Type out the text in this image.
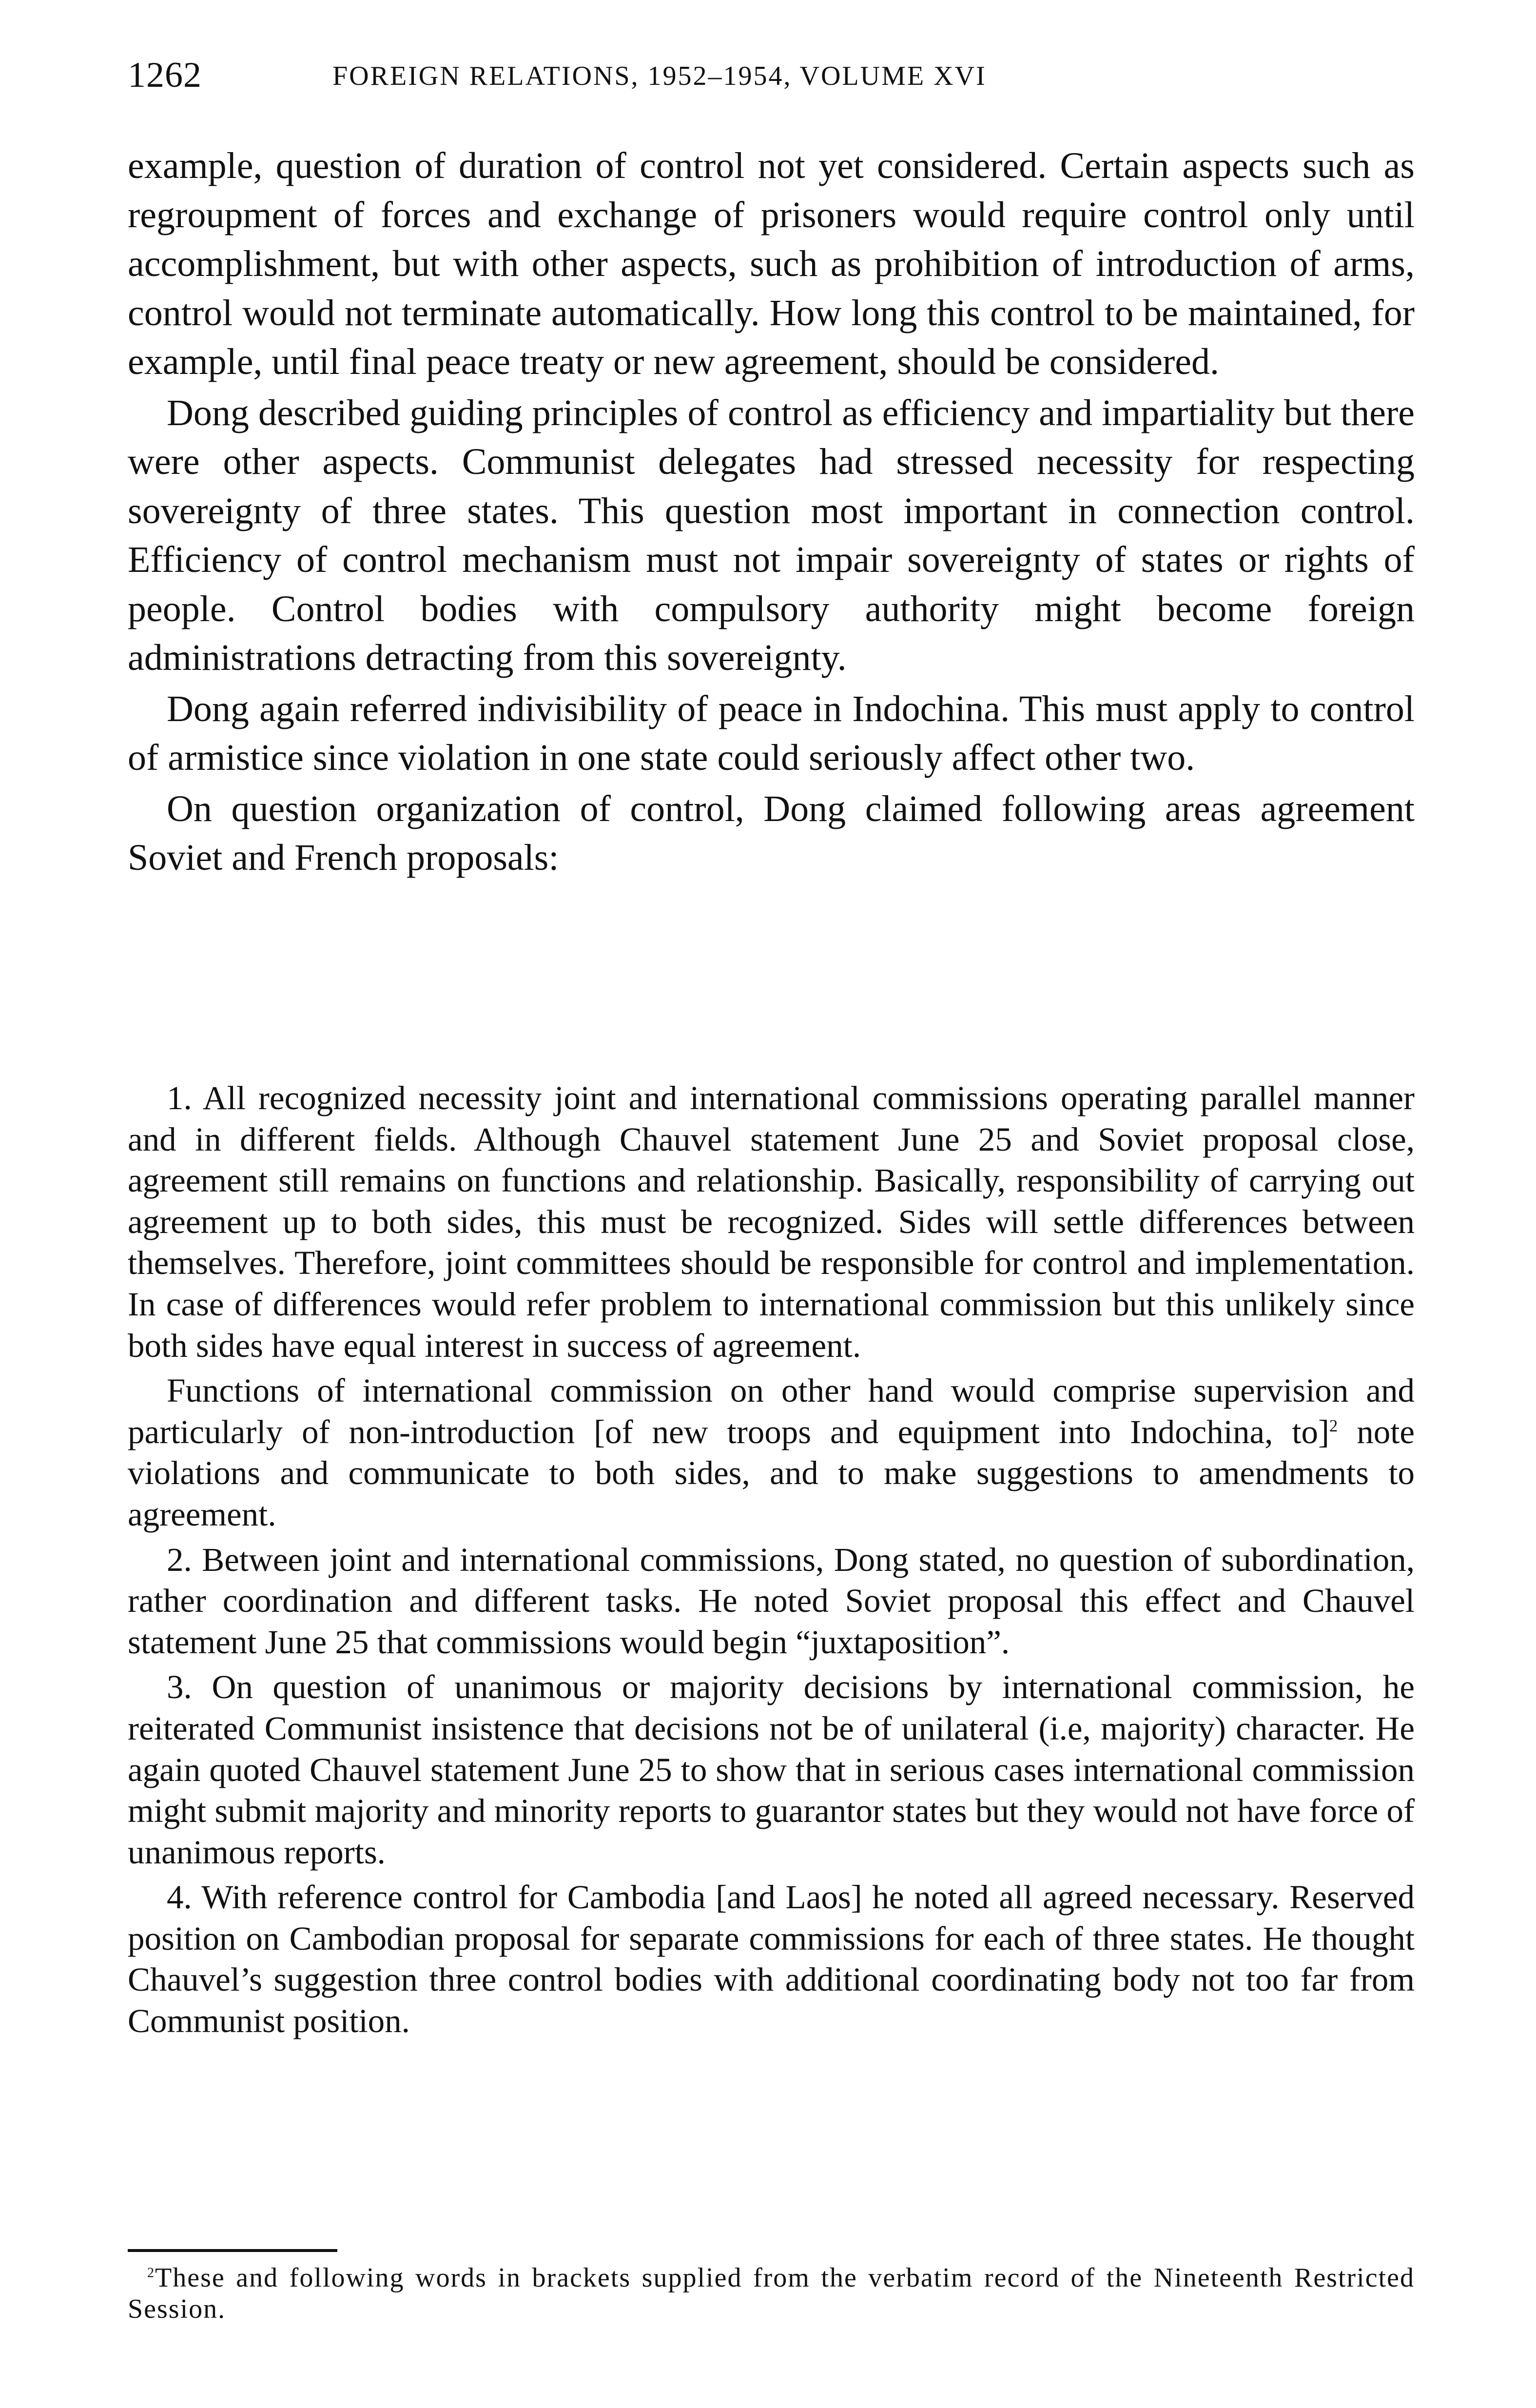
1262	FOREIGN RELATIONS, 1952–1954, VOLUME XVI

example, question of duration of control not yet considered. Certain aspects such as regroupment of forces and exchange of prisoners would require control only until accomplishment, but with other aspects, such as prohibition of introduction of arms, control would not terminate automatically. How long this control to be maintained, for example, until final peace treaty or new agreement, should be considered.

Dong described guiding principles of control as efficiency and impartiality but there were other aspects. Communist delegates had stressed necessity for respecting sovereignty of three states. This question most important in connection control. Efficiency of control mechanism must not impair sovereignty of states or rights of people. Control bodies with compulsory authority might become foreign administrations detracting from this sovereignty.

Dong again referred indivisibility of peace in Indochina. This must apply to control of armistice since violation in one state could seriously affect other two.

On question organization of control, Dong claimed following areas agreement Soviet and French proposals:

1. All recognized necessity joint and international commissions operating parallel manner and in different fields. Although Chauvel statement June 25 and Soviet proposal close, agreement still remains on functions and relationship. Basically, responsibility of carrying out agreement up to both sides, this must be recognized. Sides will settle differences between themselves. Therefore, joint committees should be responsible for control and implementation. In case of differences would refer problem to international commission but this unlikely since both sides have equal interest in success of agreement.

Functions of international commission on other hand would comprise supervision and particularly of non-introduction [of new troops and equipment into Indochina, to]$^2$ note violations and communicate to both sides, and to make suggestions to amendments to agreement.

2. Between joint and international commissions, Dong stated, no question of subordination, rather coordination and different tasks. He noted Soviet proposal this effect and Chauvel statement June 25 that commissions would begin “juxtaposition”.

3. On question of unanimous or majority decisions by international commission, he reiterated Communist insistence that decisions not be of unilateral (i.e, majority) character. He again quoted Chauvel statement June 25 to show that in serious cases international commission might submit majority and minority reports to guarantor states but they would not have force of unanimous reports.

4. With reference control for Cambodia [and Laos] he noted all agreed necessary. Reserved position on Cambodian proposal for separate commissions for each of three states. He thought Chauvel’s suggestion three control bodies with additional coordinating body not too far from Communist position.

$^2$These and following words in brackets supplied from the verbatim record of the Nineteenth Restricted Session.
